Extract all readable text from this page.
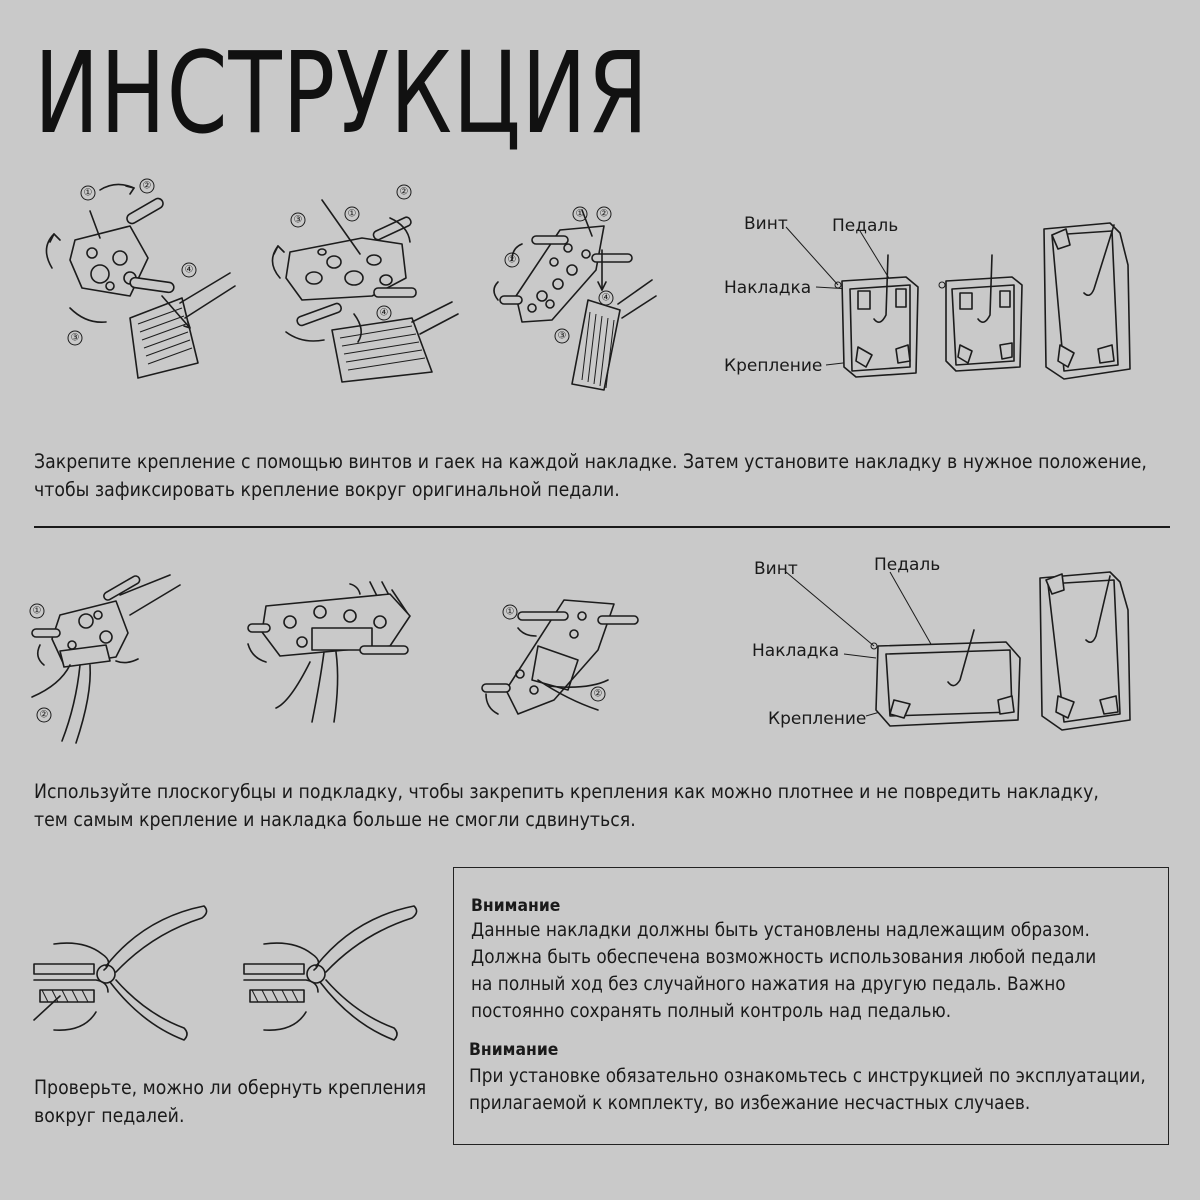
ИНСТРУКЦИЯ
①
②
③
④
①
②
③
④
① ②
②
④
③
Винт	Педаль
Накладка
Крепление

Закрепите крепление с помощью винтов и гаек на каждой накладке. Затем установите накладку в нужное положение,
чтобы зафиксировать крепление вокруг оригинальной педали.

①
②
①
②
Винт	Педаль
Накладка
Крепление

Используйте плоскогубцы и подкладку, чтобы закрепить крепления как можно плотнее и не повредить накладку,
тем самым крепление и накладка больше не смогли сдвинуться.

Проверьте, можно ли обернуть крепления
вокруг педалей.

Внимание
Данные накладки должны быть установлены надлежащим образом.
Должна быть обеспечена возможность использования любой педали
на полный ход без случайного нажатия на другую педаль. Важно
постоянно сохранять полный контроль над педалью.
Внимание
При установке обязательно ознакомьтесь с инструкцией по эксплуатации,
прилагаемой к комплекту, во избежание несчастных случаев.
